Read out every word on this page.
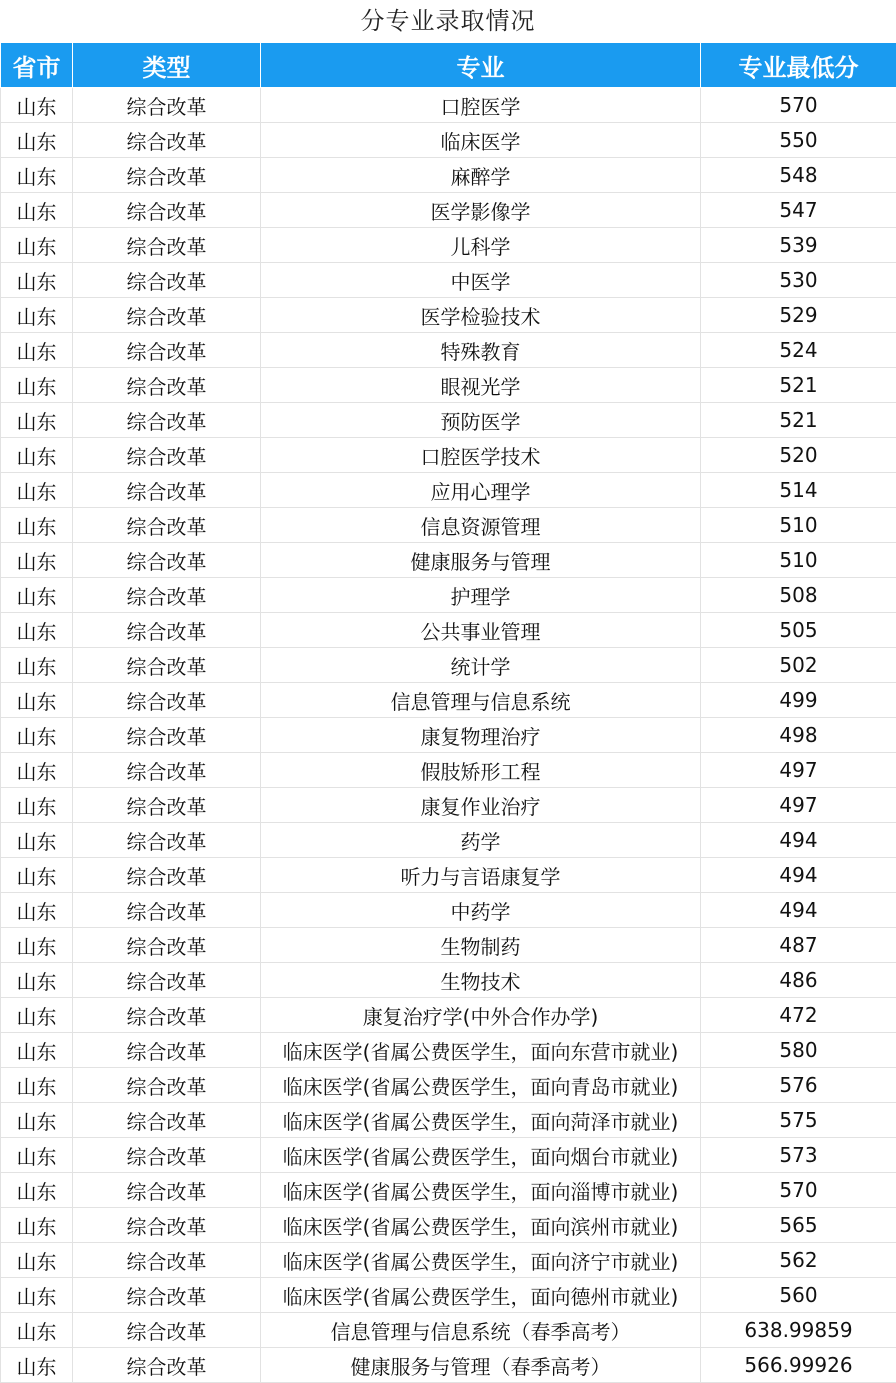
分专业录取情况
省市	类型	专业	专业最低分
山东	综合改革	口腔医学	570
山东	综合改革	临床医学	550
山东	综合改革	麻醉学	548
山东	综合改革	医学影像学	547
山东	综合改革	儿科学	539
山东	综合改革	中医学	530
山东	综合改革	医学检验技术	529
山东	综合改革	特殊教育	524
山东	综合改革	眼视光学	521
山东	综合改革	预防医学	521
山东	综合改革	口腔医学技术	520
山东	综合改革	应用心理学	514
山东	综合改革	信息资源管理	510
山东	综合改革	健康服务与管理	510
山东	综合改革	护理学	508
山东	综合改革	公共事业管理	505
山东	综合改革	统计学	502
山东	综合改革	信息管理与信息系统	499
山东	综合改革	康复物理治疗	498
山东	综合改革	假肢矫形工程	497
山东	综合改革	康复作业治疗	497
山东	综合改革	药学	494
山东	综合改革	听力与言语康复学	494
山东	综合改革	中药学	494
山东	综合改革	生物制药	487
山东	综合改革	生物技术	486
山东	综合改革	康复治疗学(中外合作办学)	472
山东	综合改革	临床医学(省属公费医学生，面向东营市就业)	580
山东	综合改革	临床医学(省属公费医学生，面向青岛市就业)	576
山东	综合改革	临床医学(省属公费医学生，面向菏泽市就业)	575
山东	综合改革	临床医学(省属公费医学生，面向烟台市就业)	573
山东	综合改革	临床医学(省属公费医学生，面向淄博市就业)	570
山东	综合改革	临床医学(省属公费医学生，面向滨州市就业)	565
山东	综合改革	临床医学(省属公费医学生，面向济宁市就业)	562
山东	综合改革	临床医学(省属公费医学生，面向德州市就业)	560
山东	综合改革	信息管理与信息系统（春季高考）	638.99859
山东	综合改革	健康服务与管理（春季高考）	566.99926
